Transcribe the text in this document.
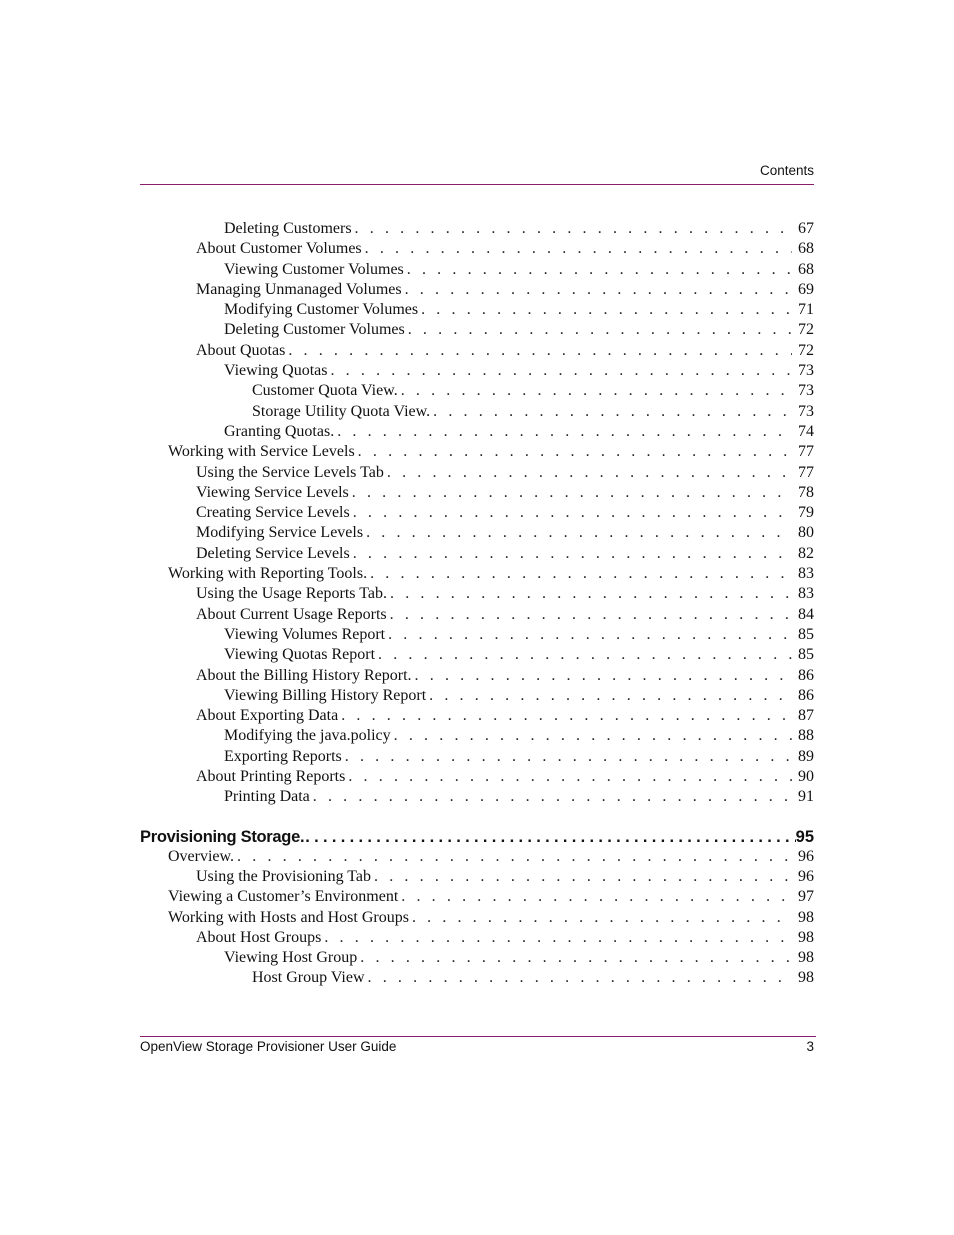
Contents
Deleting Customers . . .	67
About Customer Volumes . . .	68
Viewing Customer Volumes . . .	68
Managing Unmanaged Volumes . . .	69
Modifying Customer Volumes . . .	71
Deleting Customer Volumes . . .	72
About Quotas . . .	72
Viewing Quotas . . .	73
Customer Quota View. . . .	73
Storage Utility Quota View. . . .	73
Granting Quotas. . . .	74
Working with Service Levels . . .	77
Using the Service Levels Tab . . .	77
Viewing Service Levels . . .	78
Creating Service Levels . . .	79
Modifying Service Levels . . .	80
Deleting Service Levels . . .	82
Working with Reporting Tools. . . .	83
Using the Usage Reports Tab. . . .	83
About Current Usage Reports . . .	84
Viewing Volumes Report . . .	85
Viewing Quotas Report . . .	85
About the Billing History Report. . . .	86
Viewing Billing History Report . . .	86
About Exporting Data . . .	87
Modifying the java.policy . . .	88
Exporting Reports . . .	89
About Printing Reports . . .	90
Printing Data . . .	91
Provisioning Storage. .....	95
Overview. . . .	96
Using the Provisioning Tab . . .	96
Viewing a Customer’s Environment . . .	97
Working with Hosts and Host Groups . . .	98
About Host Groups . . .	98
Viewing Host Group . . .	98
Host Group View . . .	98
OpenView Storage Provisioner User Guide	3
